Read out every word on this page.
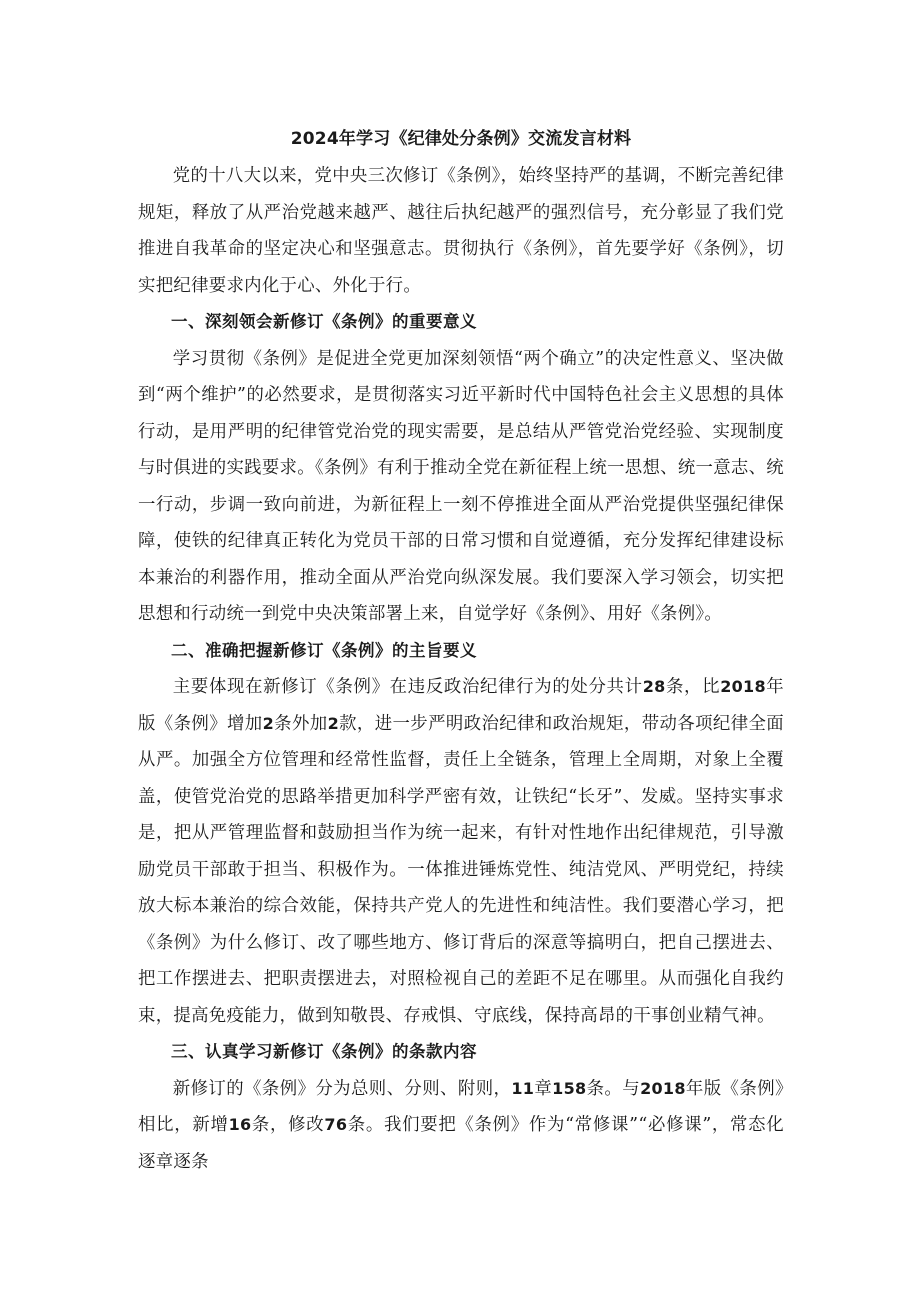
2024年学习《纪律处分条例》交流发言材料

党的十八大以来，党中央三次修订《条例》，始终坚持严的基调，不断完善纪律规矩，释放了从严治党越来越严、越往后执纪越严的强烈信号，充分彰显了我们党推进自我革命的坚定决心和坚强意志。贯彻执行《条例》，首先要学好《条例》，切实把纪律要求内化于心、外化于行。

一、深刻领会新修订《条例》的重要意义

学习贯彻《条例》是促进全党更加深刻领悟“两个确立”的决定性意义、坚决做到“两个维护”的必然要求，是贯彻落实习近平新时代中国特色社会主义思想的具体行动，是用严明的纪律管党治党的现实需要，是总结从严管党治党经验、实现制度与时俱进的实践要求。《条例》有利于推动全党在新征程上统一思想、统一意志、统一行动，步调一致向前进，为新征程上一刻不停推进全面从严治党提供坚强纪律保障，使铁的纪律真正转化为党员干部的日常习惯和自觉遵循，充分发挥纪律建设标本兼治的利器作用，推动全面从严治党向纵深发展。我们要深入学习领会，切实把思想和行动统一到党中央决策部署上来，自觉学好《条例》、用好《条例》。

二、准确把握新修订《条例》的主旨要义

主要体现在新修订《条例》在违反政治纪律行为的处分共计28条，比2018年版《条例》增加2条外加2款，进一步严明政治纪律和政治规矩，带动各项纪律全面从严。加强全方位管理和经常性监督，责任上全链条，管理上全周期，对象上全覆盖，使管党治党的思路举措更加科学严密有效，让铁纪“长牙”、发威。坚持实事求是，把从严管理监督和鼓励担当作为统一起来，有针对性地作出纪律规范，引导激励党员干部敢于担当、积极作为。一体推进锤炼党性、纯洁党风、严明党纪，持续放大标本兼治的综合效能，保持共产党人的先进性和纯洁性。我们要潜心学习，把《条例》为什么修订、改了哪些地方、修订背后的深意等搞明白，把自己摆进去、把工作摆进去、把职责摆进去，对照检视自己的差距不足在哪里。从而强化自我约束，提高免疫能力，做到知敬畏、存戒惧、守底线，保持高昂的干事创业精气神。

三、认真学习新修订《条例》的条款内容

新修订的《条例》分为总则、分则、附则，11章158条。与2018年版《条例》相比，新增16条，修改76条。我们要把《条例》作为“常修课”“必修课”，常态化逐章逐条
